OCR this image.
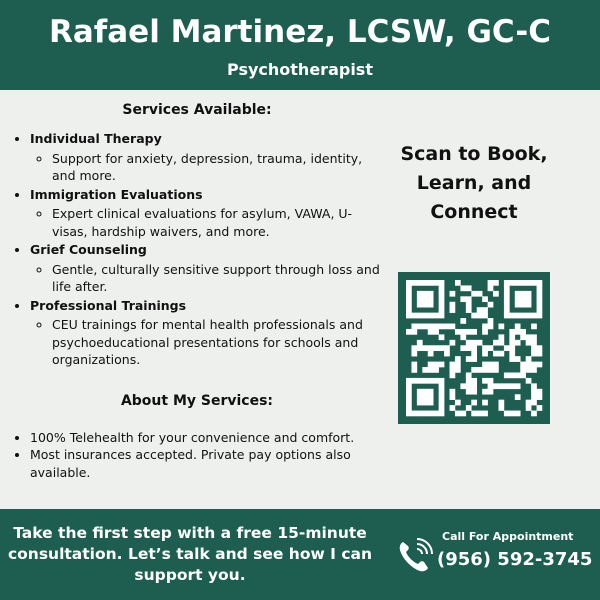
Rafael Martinez, LCSW, GC-C
Psychotherapist
Services Available:
• Individual Therapy
◦ Support for anxiety, depression, trauma, identity, and more.
• Immigration Evaluations
◦ Expert clinical evaluations for asylum, VAWA, U-visas, hardship waivers, and more.
• Grief Counseling
◦ Gentle, culturally sensitive support through loss and life after.
• Professional Trainings
◦ CEU trainings for mental health professionals and psychoeducational presentations for schools and organizations.
About My Services:
• 100% Telehealth for your convenience and comfort.
• Most insurances accepted. Private pay options also available.
Scan to Book,
Learn, and
Connect
Take the first step with a free 15-minute consultation. Let’s talk and see how I can support you.
Call For Appointment
(956) 592-3745
